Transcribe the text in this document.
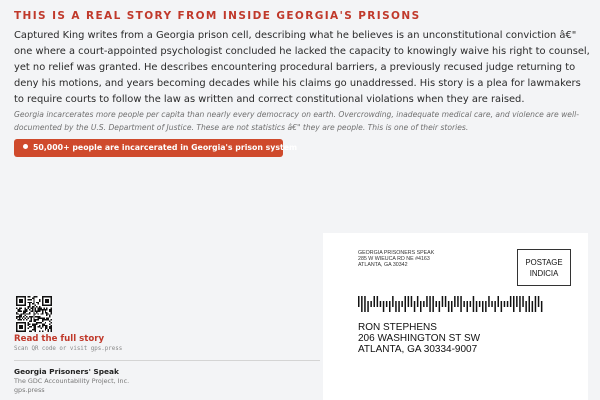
THIS IS A REAL STORY FROM INSIDE GEORGIA'S PRISONS
Captured King writes from a Georgia prison cell, describing what he believes is an unconstitutional conviction â€" one where a court-appointed psychologist concluded he lacked the capacity to knowingly waive his right to counsel, yet no relief was granted. He describes encountering procedural barriers, a previously recused judge returning to deny his motions, and years becoming decades while his claims go unaddressed. His story is a plea for lawmakers to require courts to follow the law as written and correct constitutional violations when they are raised.
Georgia incarcerates more people per capita than nearly every democracy on earth. Overcrowding, inadequate medical care, and violence are well-documented by the U.S. Department of Justice. These are not statistics â€" they are people. This is one of their stories.
50,000+ people are incarcerated in Georgia's prison system
Read the full story
Scan QR code or visit gps.press
Georgia Prisoners' Speak
The GDC Accountability Project, Inc.
gps.press
GEORGIA PRISONERS SPEAK
285 W WIEUCA RD NE #4163
ATLANTA, GA 30342	POSTAGE
INDICIA
RON STEPHENS
206 WASHINGTON ST SW
ATLANTA, GA 30334-9007
